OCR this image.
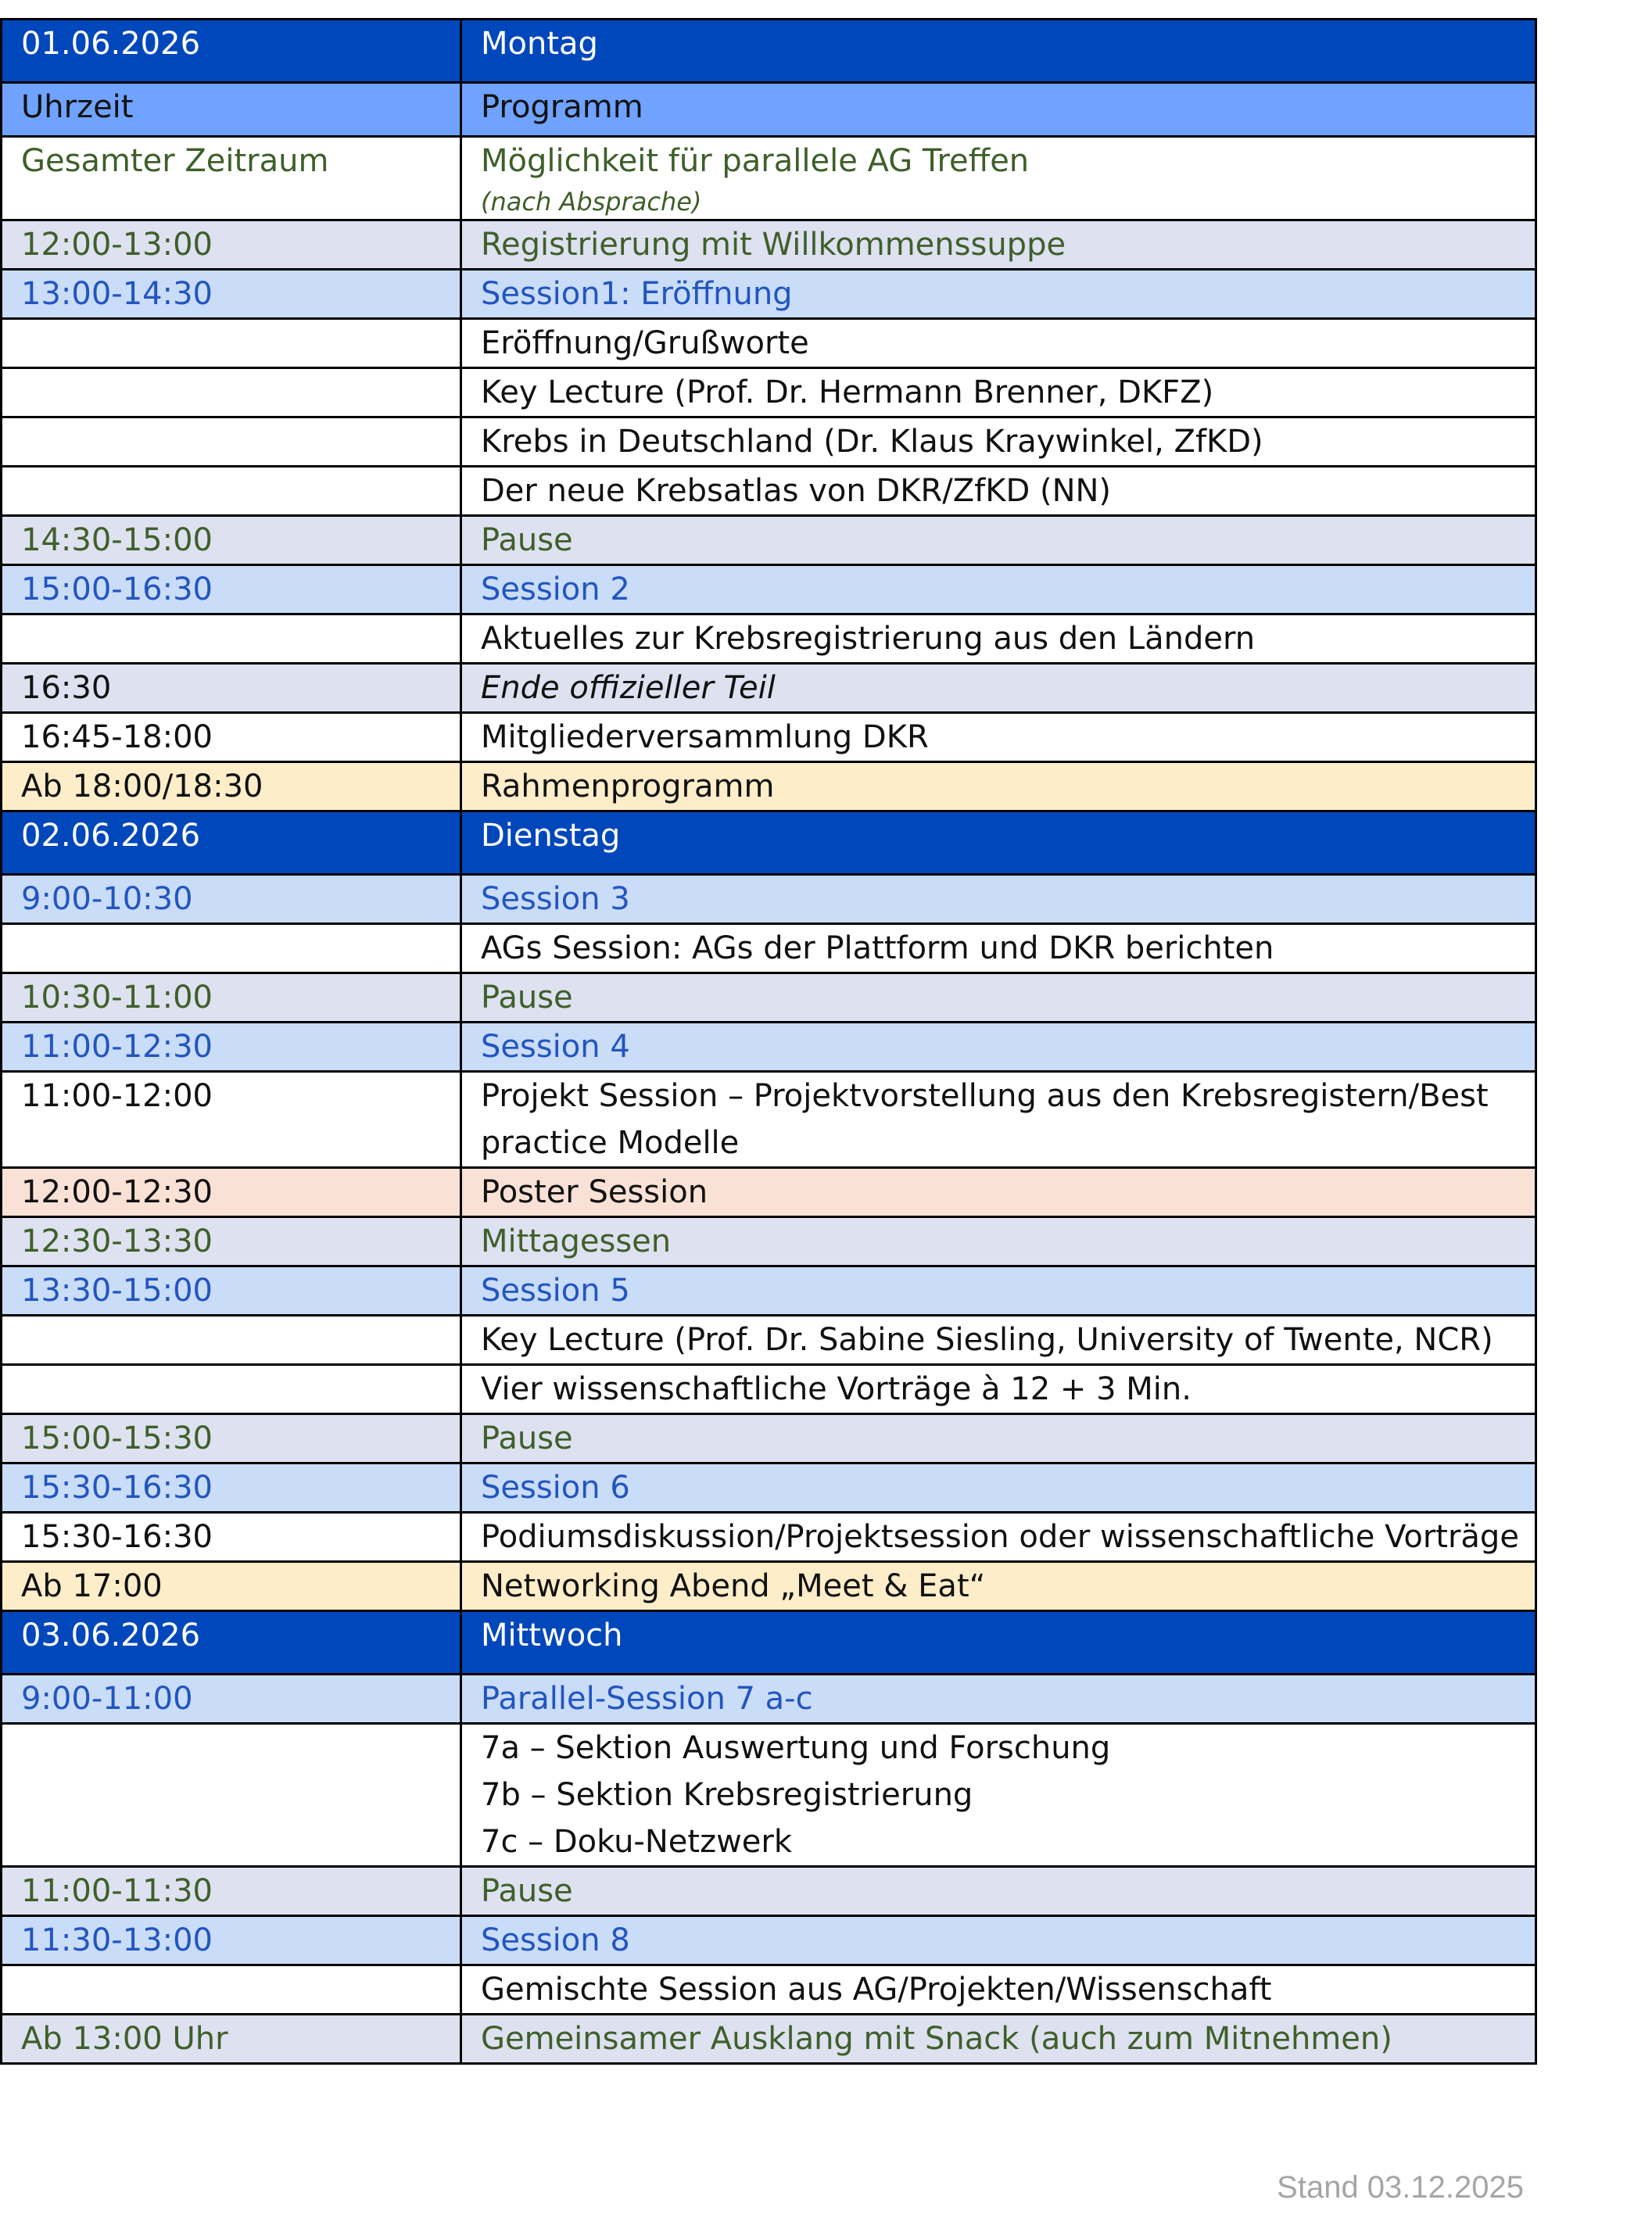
01.06.2026	Montag
Uhrzeit	Programm
Gesamter Zeitraum	Möglichkeit für parallele AG Treffen
(nach Absprache)

12:00-13:00	Registrierung mit Willkommenssuppe
13:00-14:30	Session1: Eröffnung
	Eröffnung/Grußworte
	Key Lecture (Prof. Dr. Hermann Brenner, DKFZ)
	Krebs in Deutschland (Dr. Klaus Kraywinkel, ZfKD)
	Der neue Krebsatlas von DKR/ZfKD (NN)
14:30-15:00	Pause
15:00-16:30	Session 2
	Aktuelles zur Krebsregistrierung aus den Ländern
16:30	Ende offizieller Teil
16:45-18:00	Mitgliederversammlung DKR
Ab 18:00/18:30	Rahmenprogramm
02.06.2026	Dienstag
9:00-10:30	Session 3
	AGs Session: AGs der Plattform und DKR berichten
10:30-11:00	Pause
11:00-12:30	Session 4
11:00-12:00	Projekt Session – Projektvorstellung aus den Krebsregistern/Best practice Modelle
12:00-12:30	Poster Session
12:30-13:30	Mittagessen
13:30-15:00	Session 5
	Key Lecture (Prof. Dr. Sabine Siesling, University of Twente, NCR)
	Vier wissenschaftliche Vorträge à 12 + 3 Min.
15:00-15:30	Pause
15:30-16:30	Session 6
15:30-16:30	Podiumsdiskussion/Projektsession oder wissenschaftliche Vorträge
Ab 17:00	Networking Abend „Meet & Eat“
03.06.2026	Mittwoch
9:00-11:00	Parallel-Session 7 a-c

	7a – Sektion Auswertung und Forschung
7b – Sektion Krebsregistrierung
7c – Doku-Netzwerk

11:00-11:30	Pause
11:30-13:00	Session 8
	Gemischte Session aus AG/Projekten/Wissenschaft
Ab 13:00 Uhr	Gemeinsamer Ausklang mit Snack (auch zum Mitnehmen)
Stand 03.12.2025
